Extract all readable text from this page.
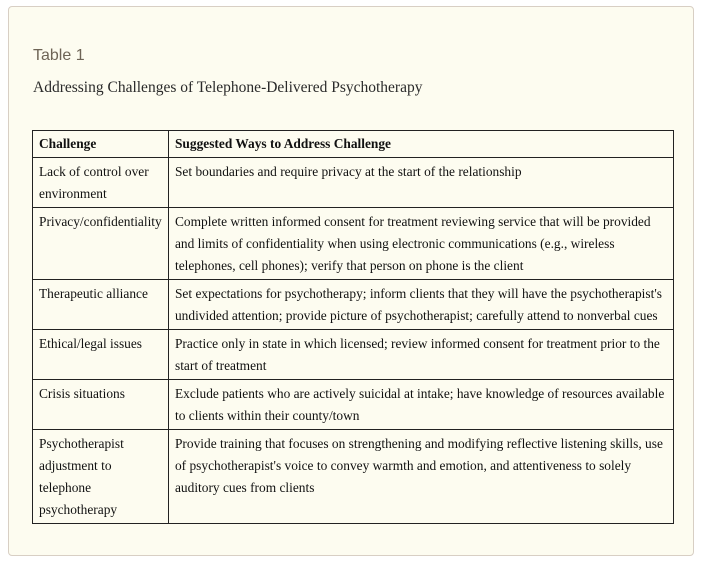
Table 1

Addressing Challenges of Telephone-Delivered Psychotherapy

Challenge	Suggested Ways to Address Challenge
Lack of control over environment	Set boundaries and require privacy at the start of the relationship
Privacy/confidentiality	Complete written informed consent for treatment reviewing service that will be provided and limits of confidentiality when using electronic communications (e.g., wireless telephones, cell phones); verify that person on phone is the client
Therapeutic alliance	Set expectations for psychotherapy; inform clients that they will have the psychotherapist's undivided attention; provide picture of psychotherapist; carefully attend to nonverbal cues
Ethical/legal issues	Practice only in state in which licensed; review informed consent for treatment prior to the start of treatment
Crisis situations	Exclude patients who are actively suicidal at intake; have knowledge of resources available to clients within their county/town
Psychotherapist adjustment to telephone psychotherapy	Provide training that focuses on strengthening and modifying reflective listening skills, use of psychotherapist's voice to convey warmth and emotion, and attentiveness to solely auditory cues from clients
